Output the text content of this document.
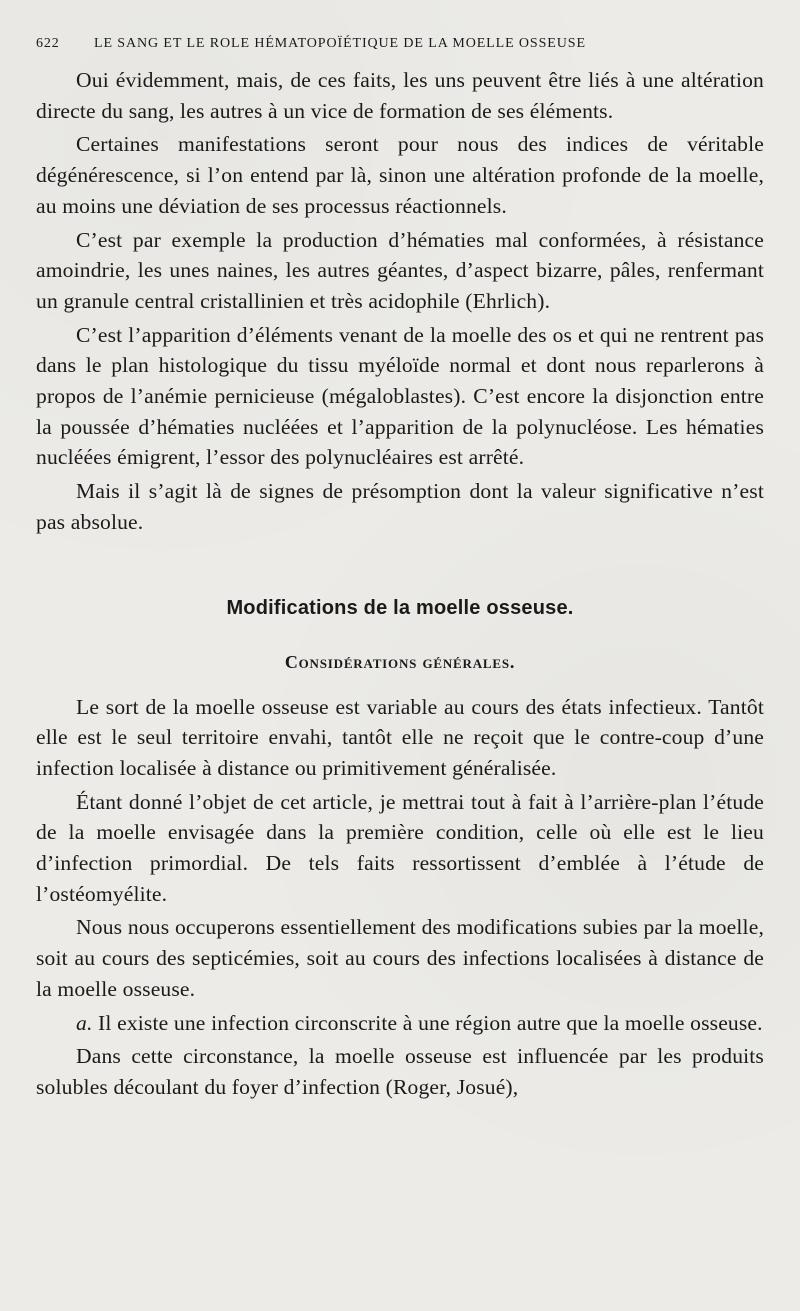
622 LE SANG ET LE ROLE HÉMATOPOÏÉTIQUE DE LA MOELLE OSSEUSE

Oui évidemment, mais, de ces faits, les uns peuvent être liés à une altération directe du sang, les autres à un vice de formation de ses éléments.

Certaines manifestations seront pour nous des indices de véritable dégénérescence, si l’on entend par là, sinon une altération profonde de la moelle, au moins une déviation de ses processus réactionnels.

C’est par exemple la production d’hématies mal conformées, à résistance amoindrie, les unes naines, les autres géantes, d’aspect bizarre, pâles, renfermant un granule central cristallinien et très acidophile (Ehrlich).

C’est l’apparition d’éléments venant de la moelle des os et qui ne rentrent pas dans le plan histologique du tissu myéloïde normal et dont nous reparlerons à propos de l’anémie pernicieuse (mégaloblastes). C’est encore la disjonction entre la poussée d’hématies nucléées et l’apparition de la polynucléose. Les hématies nucléées émigrent, l’essor des polynucléaires est arrêté.

Mais il s’agit là de signes de présomption dont la valeur significative n’est pas absolue.

Modifications de la moelle osseuse.
Considérations générales.

Le sort de la moelle osseuse est variable au cours des états infectieux. Tantôt elle est le seul territoire envahi, tantôt elle ne reçoit que le contre-coup d’une infection localisée à distance ou primitivement généralisée.

Étant donné l’objet de cet article, je mettrai tout à fait à l’arrière-plan l’étude de la moelle envisagée dans la première condition, celle où elle est le lieu d’infection primordial. De tels faits ressortissent d’emblée à l’étude de l’ostéomyélite.

Nous nous occuperons essentiellement des modifications subies par la moelle, soit au cours des septicémies, soit au cours des infections localisées à distance de la moelle osseuse.

a. Il existe une infection circonscrite à une région autre que la moelle osseuse.

Dans cette circonstance, la moelle osseuse est influencée par les produits solubles découlant du foyer d’infection (Roger, Josué),
